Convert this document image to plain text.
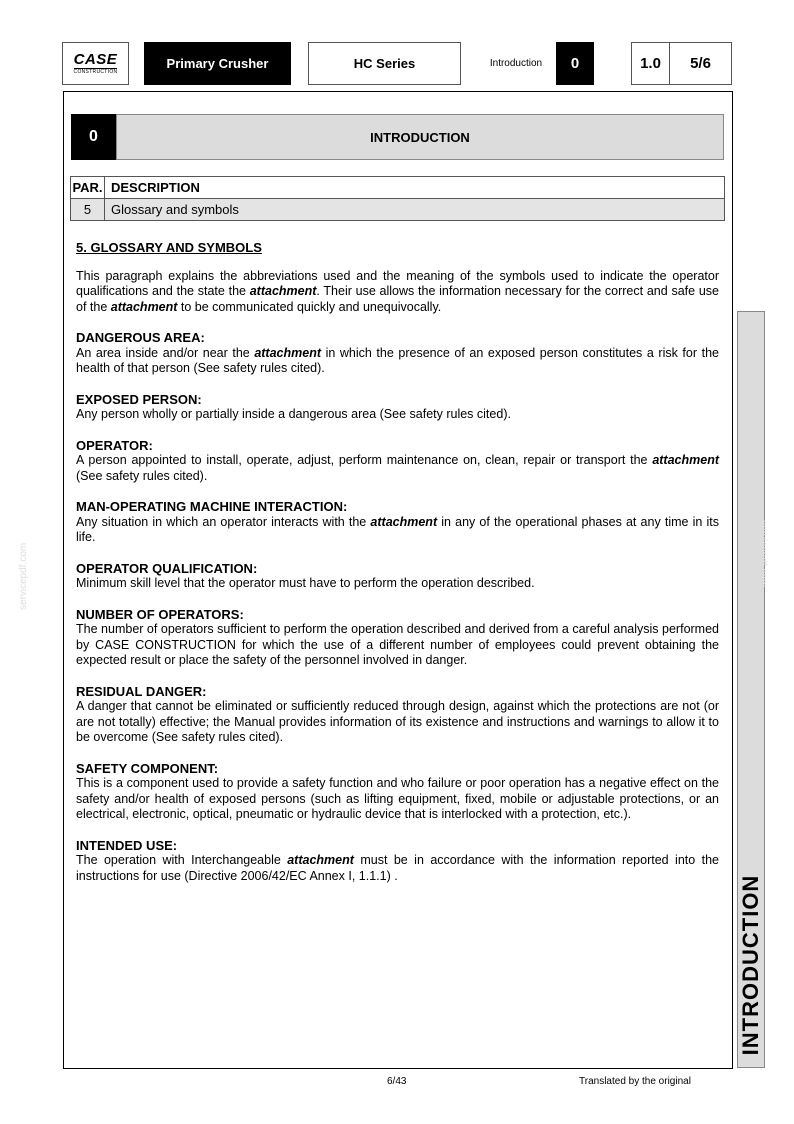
CASE
CONSTRUCTION
Primary Crusher	HC Series	Introduction	0	1.0	5/6
0	INTRODUCTION
PAR.	DESCRIPTION
5	Glossary and symbols
5. GLOSSARY AND SYMBOLS

This paragraph explains the abbreviations used and the meaning of the symbols used to indicate the operator qualifications and the state the attachment. Their use allows the information necessary for the correct and safe use of the attachment to be communicated quickly and unequivocally.

DANGEROUS AREA:

An area inside and/or near the attachment in which the presence of an exposed person constitutes a risk for the health of that person (See safety rules cited).

EXPOSED PERSON:

Any person wholly or partially inside a dangerous area (See safety rules cited).

OPERATOR:

A person appointed to install, operate, adjust, perform maintenance on, clean, repair or transport the attachment (See safety rules cited).

MAN-OPERATING MACHINE INTERACTION:

Any situation in which an operator interacts with the attachment in any of the operational phases at any time in its life.

OPERATOR QUALIFICATION:

Minimum skill level that the operator must have to perform the operation described.

NUMBER OF OPERATORS:

The number of operators sufficient to perform the operation described and derived from a careful analysis performed by CASE CONSTRUCTION for which the use of a different number of employees could prevent obtaining the expected result or place the safety of the personnel involved in danger.

RESIDUAL DANGER:

A danger that cannot be eliminated or sufficiently reduced through design, against which the protections are not (or are not totally) effective; the Manual provides information of its existence and instructions and warnings to allow it to be overcome (See safety rules cited).

SAFETY COMPONENT:

This is a component used to provide a safety function and who failure or poor operation has a negative effect on the safety and/or health of exposed persons (such as lifting equipment, fixed, mobile or adjustable protections, or an electrical, electronic, optical, pneumatic or hydraulic device that is interlocked with a protection, etc.).

INTENDED USE:

The operation with Interchangeable attachment must be in accordance with the information reported into the instructions for use (Directive 2006/42/EC Annex I, 1.1.1) .	INTRODUCTION
servicepdf.com	servicepdf.com
6/43	Translated by the original
